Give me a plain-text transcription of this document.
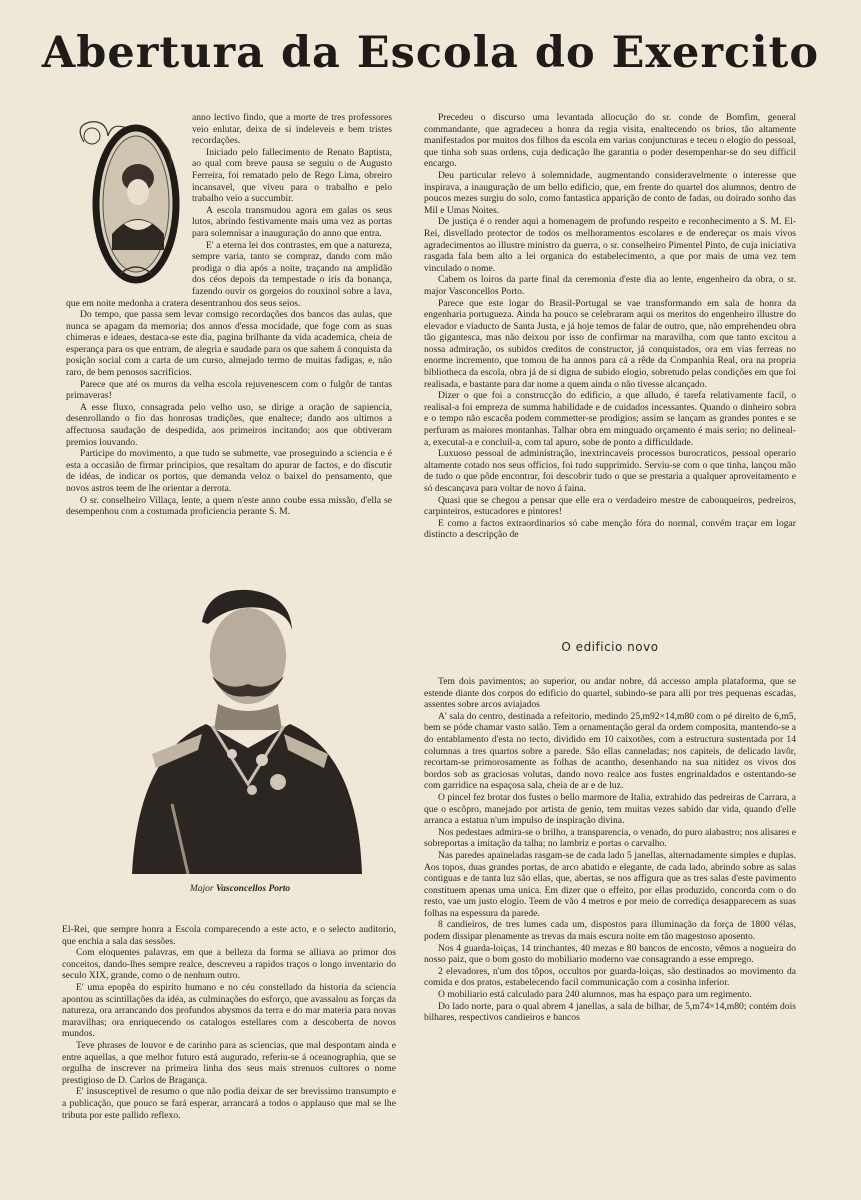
Abertura da Escola do Exercito

anno lectivo findo, que a morte de tres professores veio enlutar, deixa de si indeleveis e bem tristes recordações.

Iniciado pelo fallecimento de Renato Baptista, ao qual com breve pausa se seguiu o de Augusto Ferreira, foi rematado pelo de Rego Lima, obreiro incansavel, que viveu para o trabalho e pelo trabalho veio a succumbir.

A escola transmudou agora em galas os seus lutos, abrindo festivamente mais uma vez as portas para solemnisar a inauguração do anno que entra.

E' a eterna lei dos contrastes, em que a natureza, sempre varia, tanto se compraz, dando com mão prodiga o dia após a noite, traçando na amplidão dos céos depois da tempestade o iris da bonança, fazendo ouvir os gorgeios do rouxinol sobre a lava, que em noite medonha a cratera desentranhou dos seus seios.

Do tempo, que passa sem levar comsigo recordações dos bancos das aulas, que nunca se apagam da memoria; dos annos d'essa mocidade, que foge com as suas chimeras e ideaes, destaca-se este dia, pagina brilhante da vida academica, cheia de esperança para os que entram, de alegria e saudade para os que sahem á conquista da posição social com a carta de um curso, almejado termo de muitas fadigas, e, não raro, de bem penosos sacrificios.

Parece que até os muros da velha escola rejuvenescem com o fulgôr de tantas primaveras!

A esse fluxo, consagrada pelo velho uso, se dirige a oração de sapiencia, desenrollando o fio das honrosas tradições, que enaltece; dando aos ultimos a affectuosa saudação de despedida, aos primeiros incitando; aos que obtiveram premios louvando.

Participe do movimento, a que tudo se submette, vae proseguindo a sciencia e é esta a occasião de firmar principios, que resaltam do apurar de factos, e do discutir de idéas, de indicar os portos, que demanda veloz o baixel do pensamento, que novos astros teem de lhe orientar a derrota.

O sr. conselheiro Villaça, lente, a quem n'este anno coube essa missão, d'ella se desempenhou com a costumada proficiencia perante S. M.

Major Vasconcellos Porto

El-Rei, que sempre honra a Escola comparecendo a este acto, e o selecto auditorio, que enchia a sala das sessões.

Com eloquentes palavras, em que a belleza da forma se alliava ao primor dos conceitos, dando-lhes sempre realce, descreveu a rapidos traços o longo inventario do seculo XIX, grande, como o de nenhum outro.

E' uma epopêa do espirito humano e no céu constellado da historia da sciencia apontou as scintillações da idéa, as culminações do esforço, que avassalou as forças da natureza, ora arrancando dos profundos abysmos da terra e do mar materia para novas maravilhas; ora enriquecendo os catalogos estellares com a descoberta de novos mundos.

Teve phrases de louvor e de carinho para as sciencias, que mal despontam ainda e entre aquellas, a que melhor futuro está augurado, referiu-se á oceanographia, que se orgulha de inscrever na primeira linha dos seus mais strenuos cultores o nome prestigioso de D. Carlos de Bragança.

E' insusceptivel de resumo o que não podia deixar de ser brevissimo transumpto e a publicação, que pouco se fará esperar, arrancará a todos o applauso que mal se lhe tributa por este pallido reflexo.

Precedeu o discurso uma levantada allocução do sr. conde de Bomfim, general commandante, que agradeceu a honra da regia visita, enaltecendo os brios, tão altamente manifestados por muitos dos filhos da escola em varias conjuncturas e teceu o elogio do pessoal, que tinha sob suas ordens, cuja dedicação lhe garantia o poder desempenhar-se do seu difficil encargo.

Deu particular relevo á solemnidade, augmentando consideravelmente o interesse que inspirava, a inauguração de um bello edificio, que, em frente do quartel dos alumnos, dentro de poucos mezes surgiu do solo, como fantastica apparição de conto de fadas, ou doirado sonho das Mil e Umas Noites.

De justiça é o render aqui a homenagem de profundo respeito e reconhecimento a S. M. El-Rei, disvellado protector de todos os melhoramentos escolares e de endereçar os mais vivos agradecimentos ao illustre ministro da guerra, o sr. conselheiro Pimentel Pinto, de cuja iniciativa rasgada fala bem alto a lei organica do estabelecimento, a que por mais de uma vez tem vinculado o nome.

Cabem os loiros da parte final da ceremonia d'este dia ao lente, engenheiro da obra, o sr. major Vasconcellos Porto.

Parece que este logar do Brasil-Portugal se vae transformando em sala de honra da engenharia portugueza. Ainda ha pouco se celebraram aqui os meritos do engenheiro illustre do elevador e viaducto de Santa Justa, e já hoje temos de falar de outro, que, não emprehendeu obra tão gigantesca, mas não deixou por isso de confirmar na maravilha, com que tanto excitou a nossa admiração, os subidos creditos de constructor, já conquistados, ora em vias ferreas no enorme incremento, que tomou de ha annos para cá a rêde da Companhia Real, ora na propria bibliotheca da escola, obra já de si digna de subido elogio, sobretudo pelas condições em que foi realisada, e bastante para dar nome a quem ainda o não tivesse alcançado.

Dizer o que foi a construcção do edificio, a que alludo, é tarefa relativamente facil, o realisal-a foi empreza de summa habilidade e de cuidados incessantes. Quando o dinheiro sobra e o tempo não escacêa podem commetter-se prodigios; assim se lançam as grandes pontes e se perfuram as maiores montanhas. Talhar obra em minguado orçamento é mais serio; no delineal-a, executal-a e concluil-a, com tal apuro, sobe de ponto a difficuldade.

Luxuoso pessoal de administração, inextrincaveis processos burocraticos, pessoal operario altamente cotado nos seus officios, foi tudo supprimido. Serviu-se com o que tinha, lançou mão de tudo o que pôde encontrar, foi descobrir tudo o que se prestaria a qualquer aproveitamento e só descançava para voltar de novo á faina.

Quasi que se chegou a pensar que elle era o verdadeiro mestre de cabouqueiros, pedreiros, carpinteiros, estucadores e pintores!

E como a factos extraordinarios só cabe menção fóra do normal, convém traçar em logar distincto a descripção de

O edificio novo

Tem dois pavimentos; ao superior, ou andar nobre, dá accesso ampla plataforma, que se estende diante dos corpos do edificio do quartel, subindo-se para alli por tres pequenas escadas, assentes sobre arcos aviajados

A' sala do centro, destinada a refeitorio, medindo 25,m92×14,m80 com o pé direito de 6,m5, bem se póde chamar vasto salão. Tem a ornamentação geral da ordem composita, mantendo-se a do entablamento d'esta no tecto, dividido em 10 caixotões, com a estructura sustentada por 14 columnas a tres quartos sobre a parede. São ellas canneladas; nos capiteis, de delicado lavôr, recortam-se primorosamente as folhas de acantho, desenhando na sua nitidez os vivos dos bordos sob as graciosas volutas, dando novo realce aos fustes engrinaldados e ostentando-se com garridice na espaçosa sala, cheia de ar e de luz.

O pincel fez brotar dos fustes o bello marmore de Italia, extrahido das pedreiras de Carrara, a que o escôpro, manejado por artista de genio, tem muitas vezes sabido dar vida, quando d'elle arranca a estatua n'um impulso de inspiração divina.

Nos pedestaes admira-se o brilho, a transparencia, o venado, do puro alabastro; nos alisares e sobreportas a imitação da talha; no lambriz e portas o carvalho.

Nas paredes apaineladas rasgam-se de cada lado 5 janellas, alternadamente simples e duplas. Aos topos, duas grandes portas, de arco abatido e elegante, de cada lado, abrindo sobre as salas contiguas e de tanta luz são ellas, que, abertas, se nos affigura que as tres salas d'este pavimento constituem apenas uma unica. Em dizer que o effeito, por ellas produzido, concorda com o do resto, vae um justo elogio. Teem de vão 4 metros e por meio de corrediça desapparecem as suas folhas na espessura da parede.

8 candieiros, de tres lumes cada um, dispostos para illuminação da força de 1800 vélas, podem dissipar plenamente as trevas da mais escura noite em tão magestoso aposento.

Nos 4 guarda-loiças, 14 trinchantes, 40 mezas e 80 bancos de encosto, vêmos a nogueira do nosso paiz, que o bom gosto do mobiliario moderno vae consagrando a esse emprego.

2 elevadores, n'um dos tôpos, occultos por guarda-loiças, são destinados ao movimento da comida e dos pratos, estabelecendo facil communicação com a cosinha inferior.

O mobiliario está calculado para 240 alumnos, mas ha espaço para um regimento.

Do lado norte, para o qual abrem 4 janellas, a sala de bilhar, de 5,m74×14,m80; contém dois bilhares, respectivos candieiros e bancos
